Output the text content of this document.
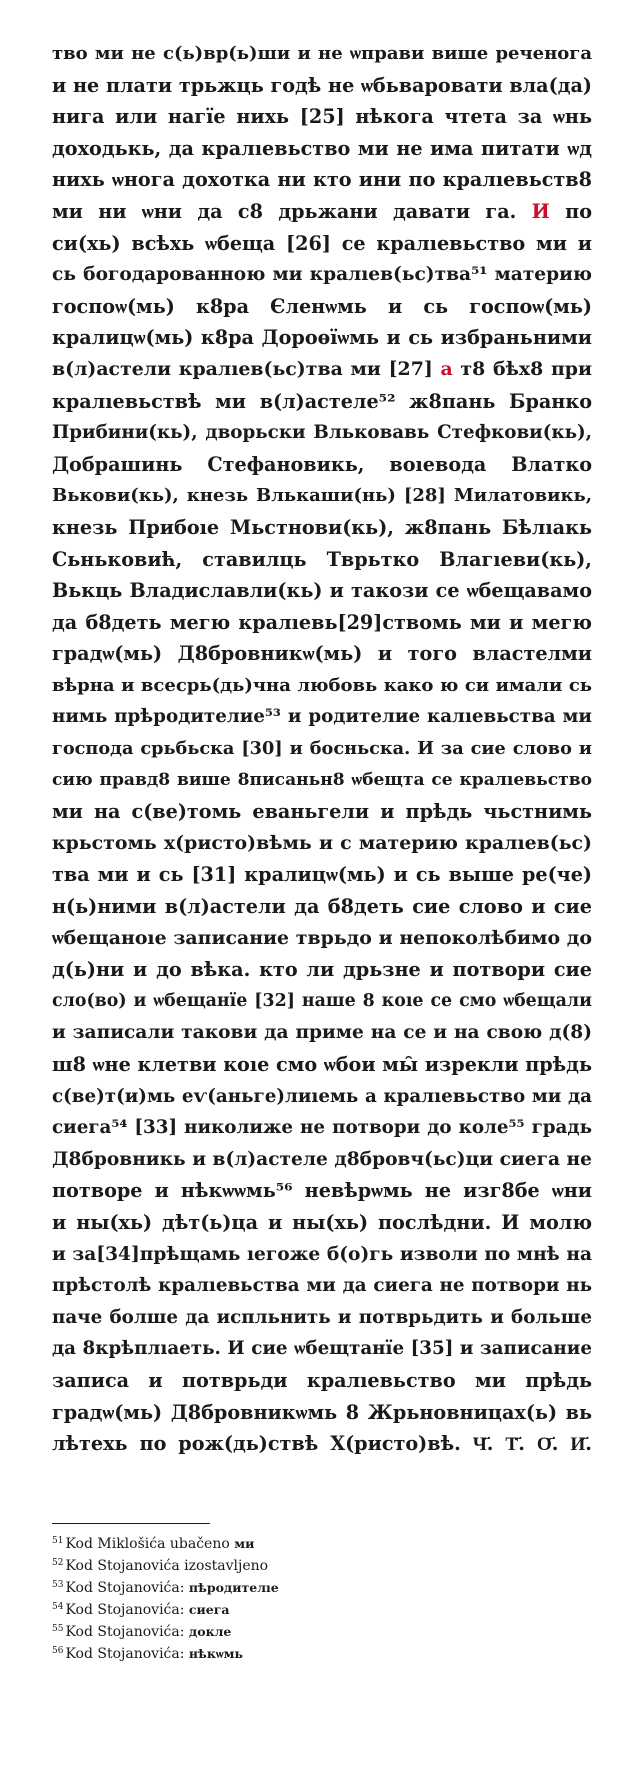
тво ми не с(ь)вр(ь)ши и не ѡправи више реченога
и не плати трьжць годѣ не ѡбьваровати вла(да)
нига или нагїе нихь [25] нѣкога чтета за ѡнь
доходькь, да кралıевьство ми не има питати ѡд
нихь ѡнога дохотка ни кто ини по кралıевьств8
ми ни ѡни да с8 дрьжани давати га. И по
си(хь) всѣхь ѡбеща [26] се кралıевьство ми и
сь богодарованною ми кралıев(ьс)тва⁵¹ материю
госпоѡ(мь) к8ра Єленѡмь и сь госпоѡ(мь)
кралицѡ(мь) к8ра Дороѳїѡмь и сь избраньними
в(л)астели кралıев(ьс)тва ми [27] а т8 бѣх8 при
кралıевьствѣ ми в(л)астеле⁵² ж8пань Бранко
Прибини(кь), дворьски Вльковавь Стефкови(кь),
Добрашинь Стефановикь, воıевода Влатко
Вькови(кь), кнезь Влькаши(нь) [28] Милатовикь,
кнезь Прибоıе Мьстнови(кь), ж8пань Бѣлıакь
Сьньковић, ставилць Тврьтко Влагıеви(кь),
Вькць Владиславли(кь) и такози се ѡбещавамо
да б8деть мегю кралıевь[29]ствомь ми и мегю
градѡ(мь) Д8бровникѡ(мь) и того властелми
вѣрна и всесрь(дь)чна любовь како ю си имали сь
нимь прѣродителие⁵³ и родителие калıевьства ми
господа срьбьска [30] и босньска. И за сие слово и
сию правд8 више 8писаньн8 ѡбещта се кралıевьство
ми на с(ве)томь еваньгели и прѣдь чьстнимь
крьстомь х(ристо)вѣмь и с материю кралıев(ьс)
тва ми и сь [31] кралицѡ(мь) и сь выше ре(че)
н(ь)ними в(л)астели да б8деть сие слово и сие
ѡбещаноıе записание тврьдо и непоколѣбимо до
д(ь)ни и до вѣка. кто ли дрьзне и потвори сие
сло(во) и ѡбещанїе [32] наше 8 коıе се смо ѡбещали
и записали такови да приме на се и на свою д(8)
ш8 ѡне клетви коıе смо ѡбои мы̑ изрекли прѣдь
с(ве)т(и)мь еѵ(аньге)лиıемь а кралıевьство ми да
сиега⁵⁴ [33] николиже не потвори до коле⁵⁵ градь
Д8бровникь и в(л)астеле д8бровч(ьс)ци сиега не
потворе и нѣкѡѡмь⁵⁶ невѣрѡмь не изг8бе ѡни
и ны(хь) дѣт(ь)ца и ны(хь) послѣдни. И молю
и за[34]прѣщамь ıегоже б(о)гь изволи по мнѣ на
прѣстолѣ кралıевьства ми да сиега не потвори нь
паче болше да испльнить и потврьдить и больше
да 8крѣплıаеть. И сие ѡбещтанїе [35] и записание
записа и потврьди кралıевьство ми прѣдь
градѡ(мь) Д8бровникѡмь 8 Жрьновницах(ь) вь
лѣтехь по рож(дь)ствѣ Х(ристо)вѣ. Ч҃. Т҃. О҃. И҃.
$^{51}$ Kod Miklošića ubačeno ми
$^{52}$ Kod Stojanovića izostavljeno
$^{53}$ Kod Stojanovića: пѣродителıе
$^{54}$ Kod Stojanovića: сиега
$^{55}$ Kod Stojanovića: доклe
$^{56}$ Kod Stojanovića: нѣкѡмь
